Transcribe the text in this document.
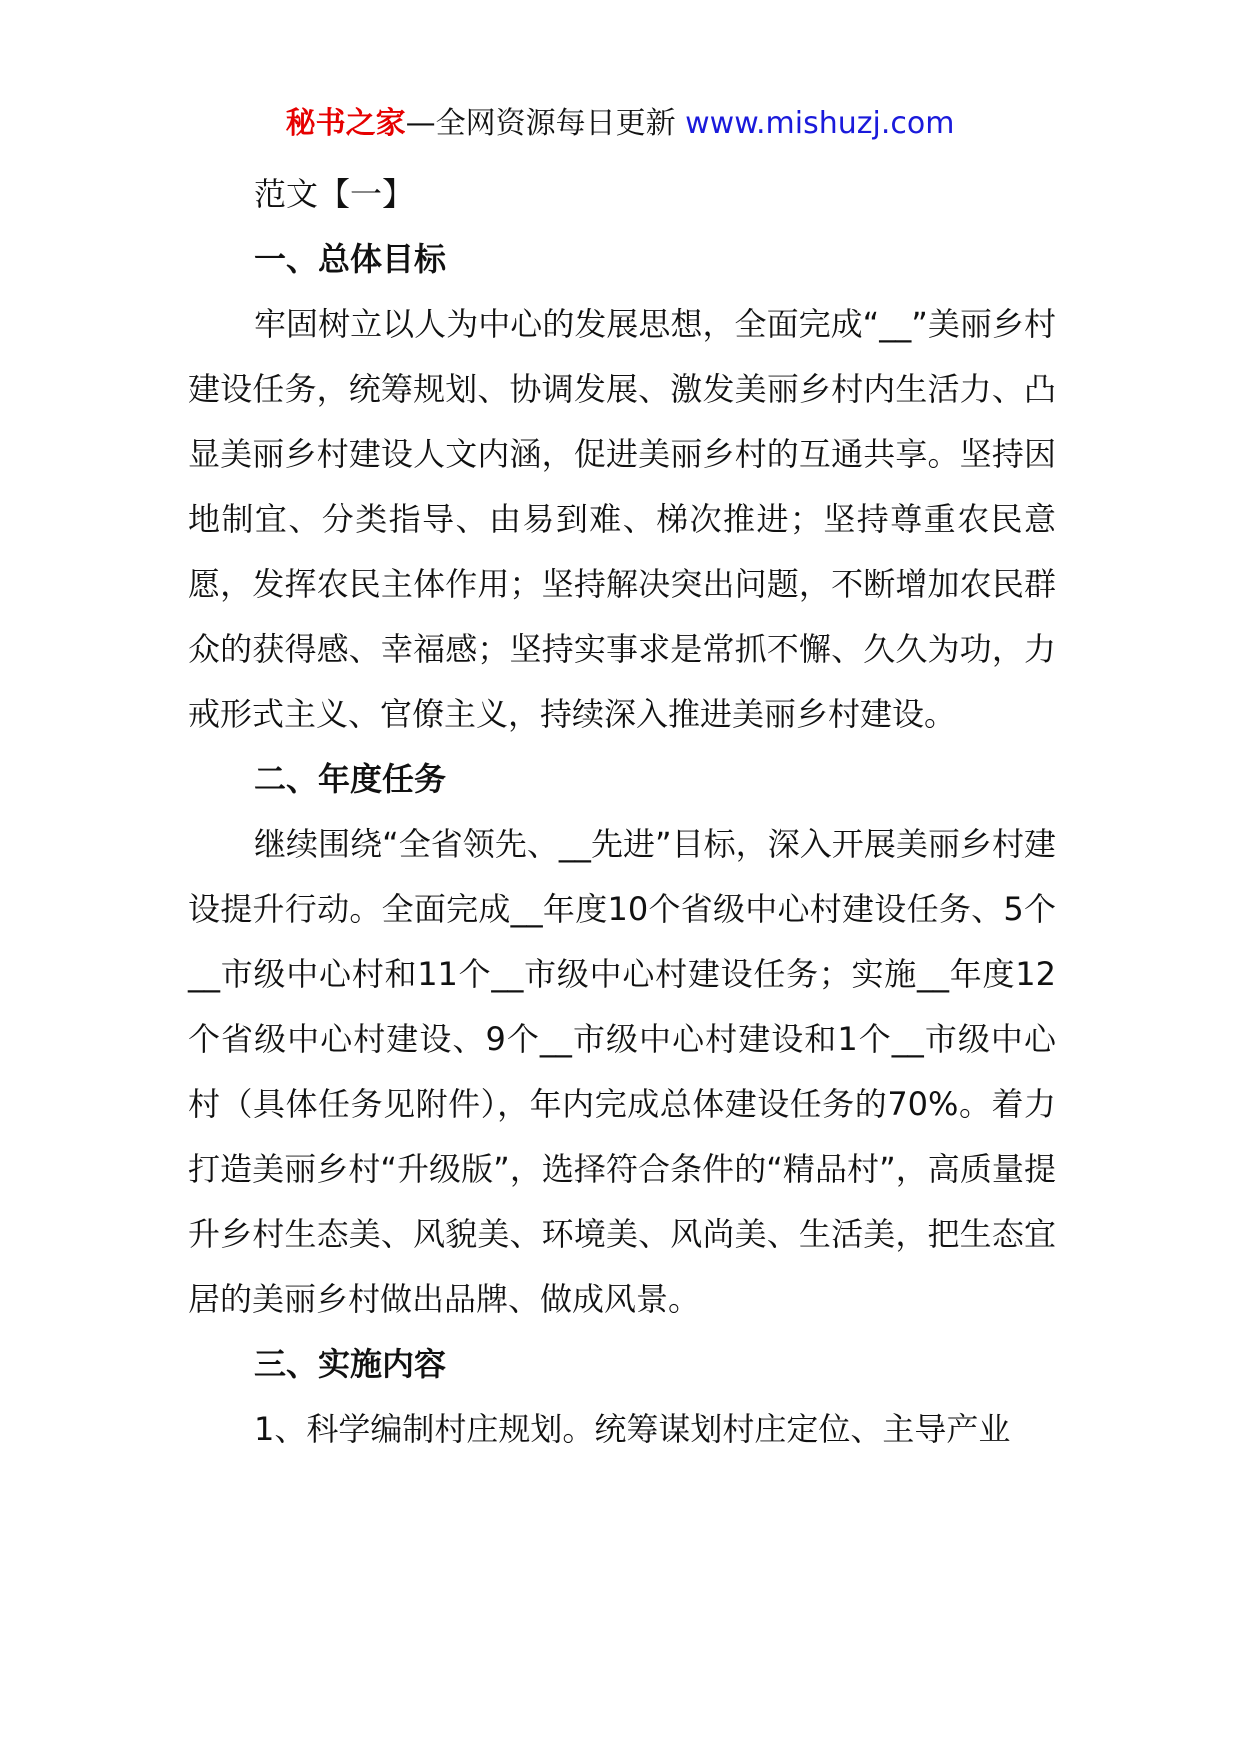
秘书之家—全网资源每日更新 www.mishuzj.com

范文【一】

一、总体目标

牢固树立以人为中心的发展思想，全面完成“__”美丽乡村建设任务，统筹规划、协调发展、激发美丽乡村内生活力、凸显美丽乡村建设人文内涵，促进美丽乡村的互通共享。坚持因地制宜、分类指导、由易到难、梯次推进；坚持尊重农民意愿，发挥农民主体作用；坚持解决突出问题，不断增加农民群众的获得感、幸福感；坚持实事求是常抓不懈、久久为功，力戒形式主义、官僚主义，持续深入推进美丽乡村建设。

二、年度任务

继续围绕“全省领先、__先进”目标，深入开展美丽乡村建设提升行动。全面完成__年度10个省级中心村建设任务、5个__市级中心村和11个__市级中心村建设任务；实施__年度12个省级中心村建设、9个__市级中心村建设和1个__市级中心村（具体任务见附件），年内完成总体建设任务的70%。着力打造美丽乡村“升级版”，选择符合条件的“精品村”，高质量提升乡村生态美、风貌美、环境美、风尚美、生活美，把生态宜居的美丽乡村做出品牌、做成风景。

三、实施内容

1、科学编制村庄规划。统筹谋划村庄定位、主导产业
